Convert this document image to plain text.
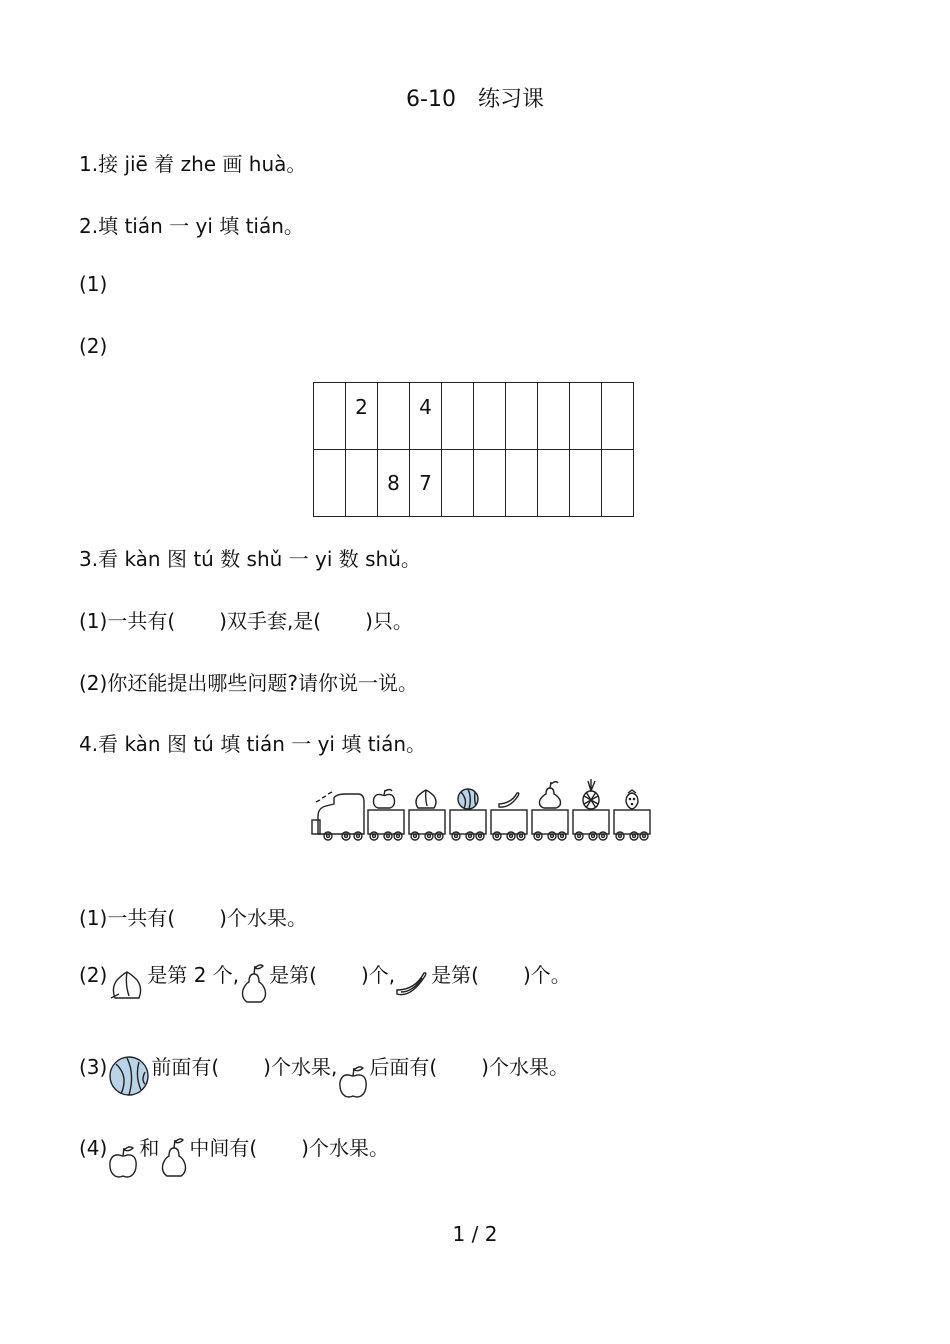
6-10　练习课
1.接 jiē 着 zhe 画 huà。
2.填 tián 一 yi 填 tián。
(1)
(2)
	2		4						
		8	7						
3.看 kàn 图 tú 数 shǔ 一 yi 数 shǔ。
(1)一共有( )双手套,是( )只。
(2)你还能提出哪些问题?请你说一说。
4.看 kàn 图 tú 填 tián 一 yi 填 tián。
(1)一共有( )个水果。
(2) 是第 2 个, 是第( )个, 是第( )个。
(3) 前面有( )个水果, 后面有( )个水果。
(4) 和 中间有( )个水果。
1 / 2
